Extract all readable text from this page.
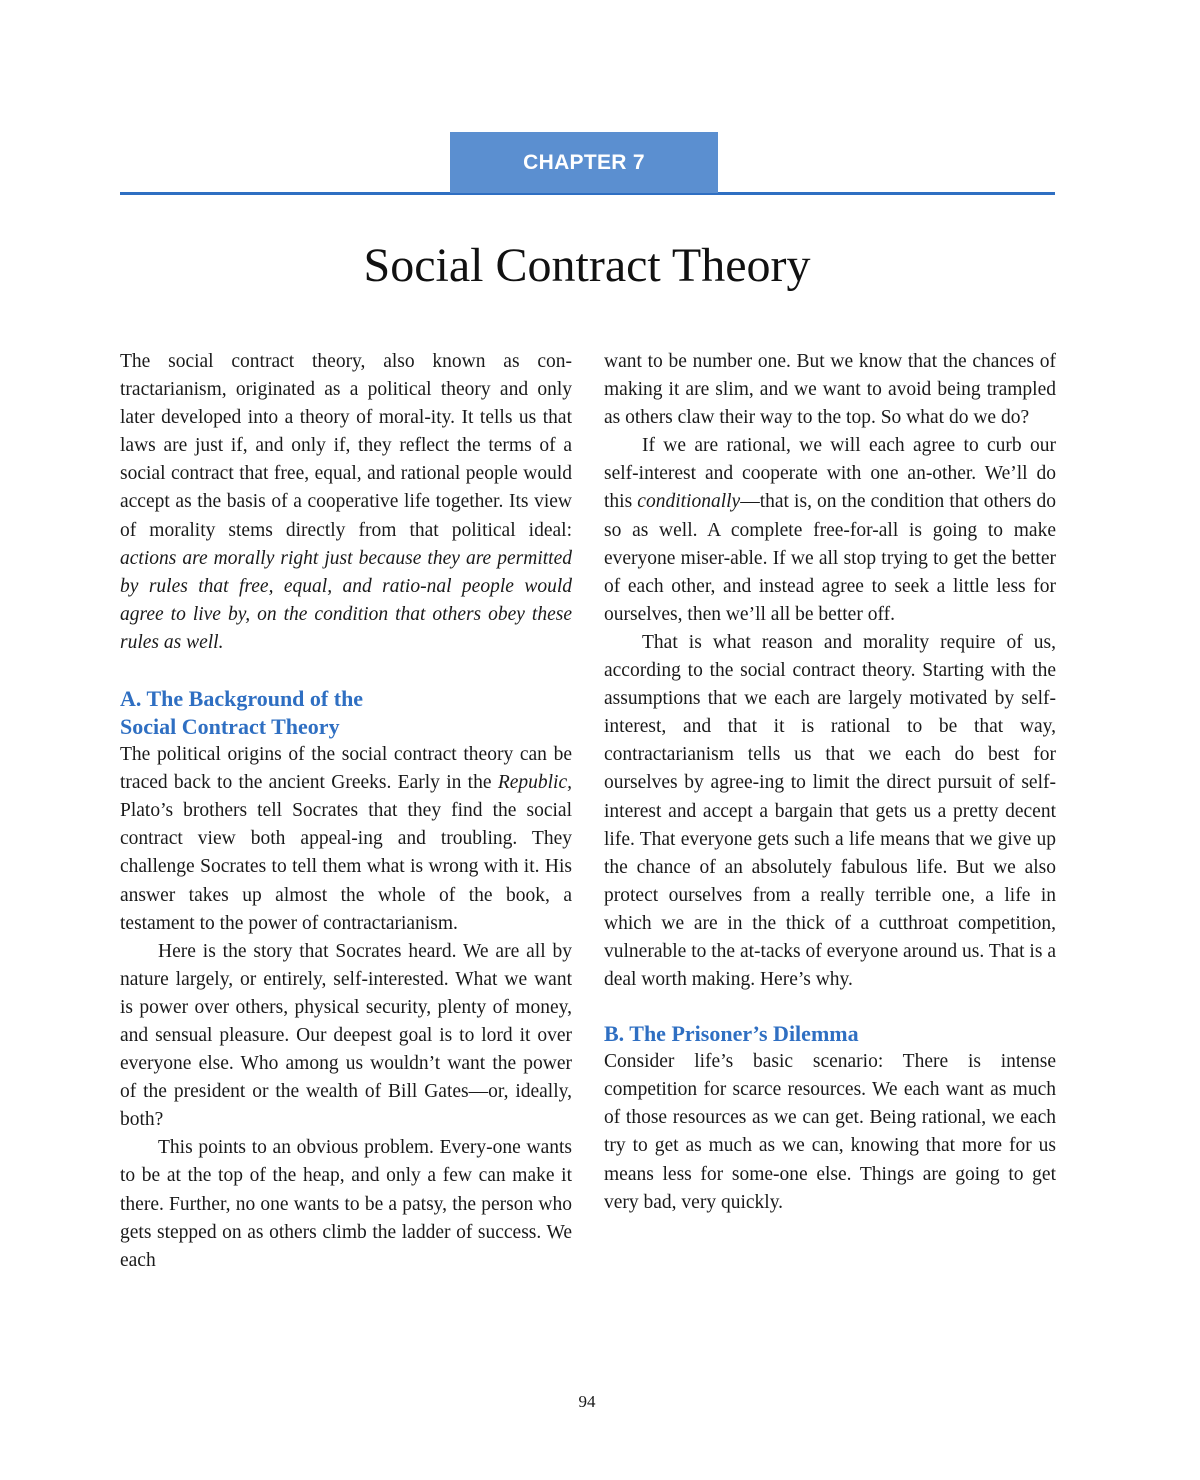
CHAPTER 7
Social Contract Theory

The social contract theory, also known as con-tractarianism, originated as a political theory and only later developed into a theory of moral-ity. It tells us that laws are just if, and only if, they reflect the terms of a social contract that free, equal, and rational people would accept as the basis of a cooperative life together. Its view of morality stems directly from that political ideal: actions are morally right just because they are permitted by rules that free, equal, and ratio-nal people would agree to live by, on the condition that others obey these rules as well.

A. The Background of the
Social Contract Theory

The political origins of the social contract theory can be traced back to the ancient Greeks. Early in the Republic, Plato’s brothers tell Socrates that they find the social contract view both appeal-ing and troubling. They challenge Socrates to tell them what is wrong with it. His answer takes up almost the whole of the book, a testament to the power of contractarianism.

Here is the story that Socrates heard. We are all by nature largely, or entirely, self-interested. What we want is power over others, physical security, plenty of money, and sensual pleasure. Our deepest goal is to lord it over everyone else. Who among us wouldn’t want the power of the president or the wealth of Bill Gates—or, ideally, both?

This points to an obvious problem. Every-one wants to be at the top of the heap, and only a few can make it there. Further, no one wants to be a patsy, the person who gets stepped on as others climb the ladder of success. We each

want to be number one. But we know that the chances of making it are slim, and we want to avoid being trampled as others claw their way to the top. So what do we do?

If we are rational, we will each agree to curb our self-interest and cooperate with one an-other. We’ll do this conditionally—that is, on the condition that others do so as well. A complete free-for-all is going to make everyone miser-able. If we all stop trying to get the better of each other, and instead agree to seek a little less for ourselves, then we’ll all be better off.

That is what reason and morality require of us, according to the social contract theory. Starting with the assumptions that we each are largely motivated by self-interest, and that it is rational to be that way, contractarianism tells us that we each do best for ourselves by agree-ing to limit the direct pursuit of self-interest and accept a bargain that gets us a pretty decent life. That everyone gets such a life means that we give up the chance of an absolutely fabulous life. But we also protect ourselves from a really terrible one, a life in which we are in the thick of a cutthroat competition, vulnerable to the at-tacks of everyone around us. That is a deal worth making. Here’s why.

B. The Prisoner’s Dilemma

Consider life’s basic scenario: There is intense competition for scarce resources. We each want as much of those resources as we can get. Being rational, we each try to get as much as we can, knowing that more for us means less for some-one else. Things are going to get very bad, very quickly.

94
